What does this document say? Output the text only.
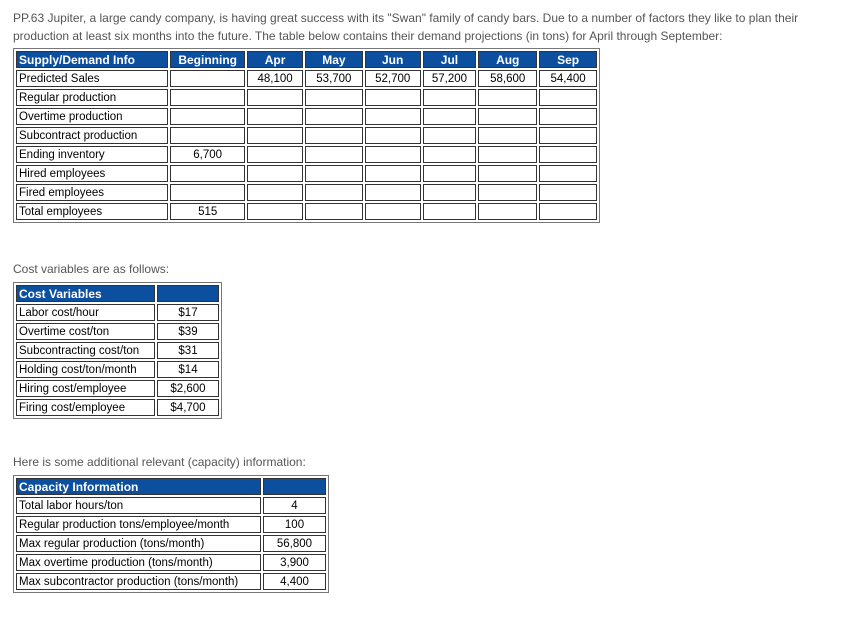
PP.63 Jupiter, a large candy company, is having great success with its "Swan" family of candy bars. Due to a number of factors they like to plan their production at least six months into the future. The table below contains their demand projections (in tons) for April through September:

Supply/Demand Info	Beginning	Apr	May	Jun	Jul	Aug	Sep
Predicted Sales		48,100	53,700	52,700	57,200	58,600	54,400
Regular production							
Overtime production							
Subcontract production							
Ending inventory	6,700						
Hired employees							
Fired employees							
Total employees	515						

Cost variables are as follows:

Cost Variables	
Labor cost/hour	$17
Overtime cost/ton	$39
Subcontracting cost/ton	$31
Holding cost/ton/month	$14
Hiring cost/employee	$2,600
Firing cost/employee	$4,700

Here is some additional relevant (capacity) information:

Capacity Information	
Total labor hours/ton	4
Regular production tons/employee/month	100
Max regular production (tons/month)	56,800
Max overtime production (tons/month)	3,900
Max subcontractor production (tons/month)	4,400
